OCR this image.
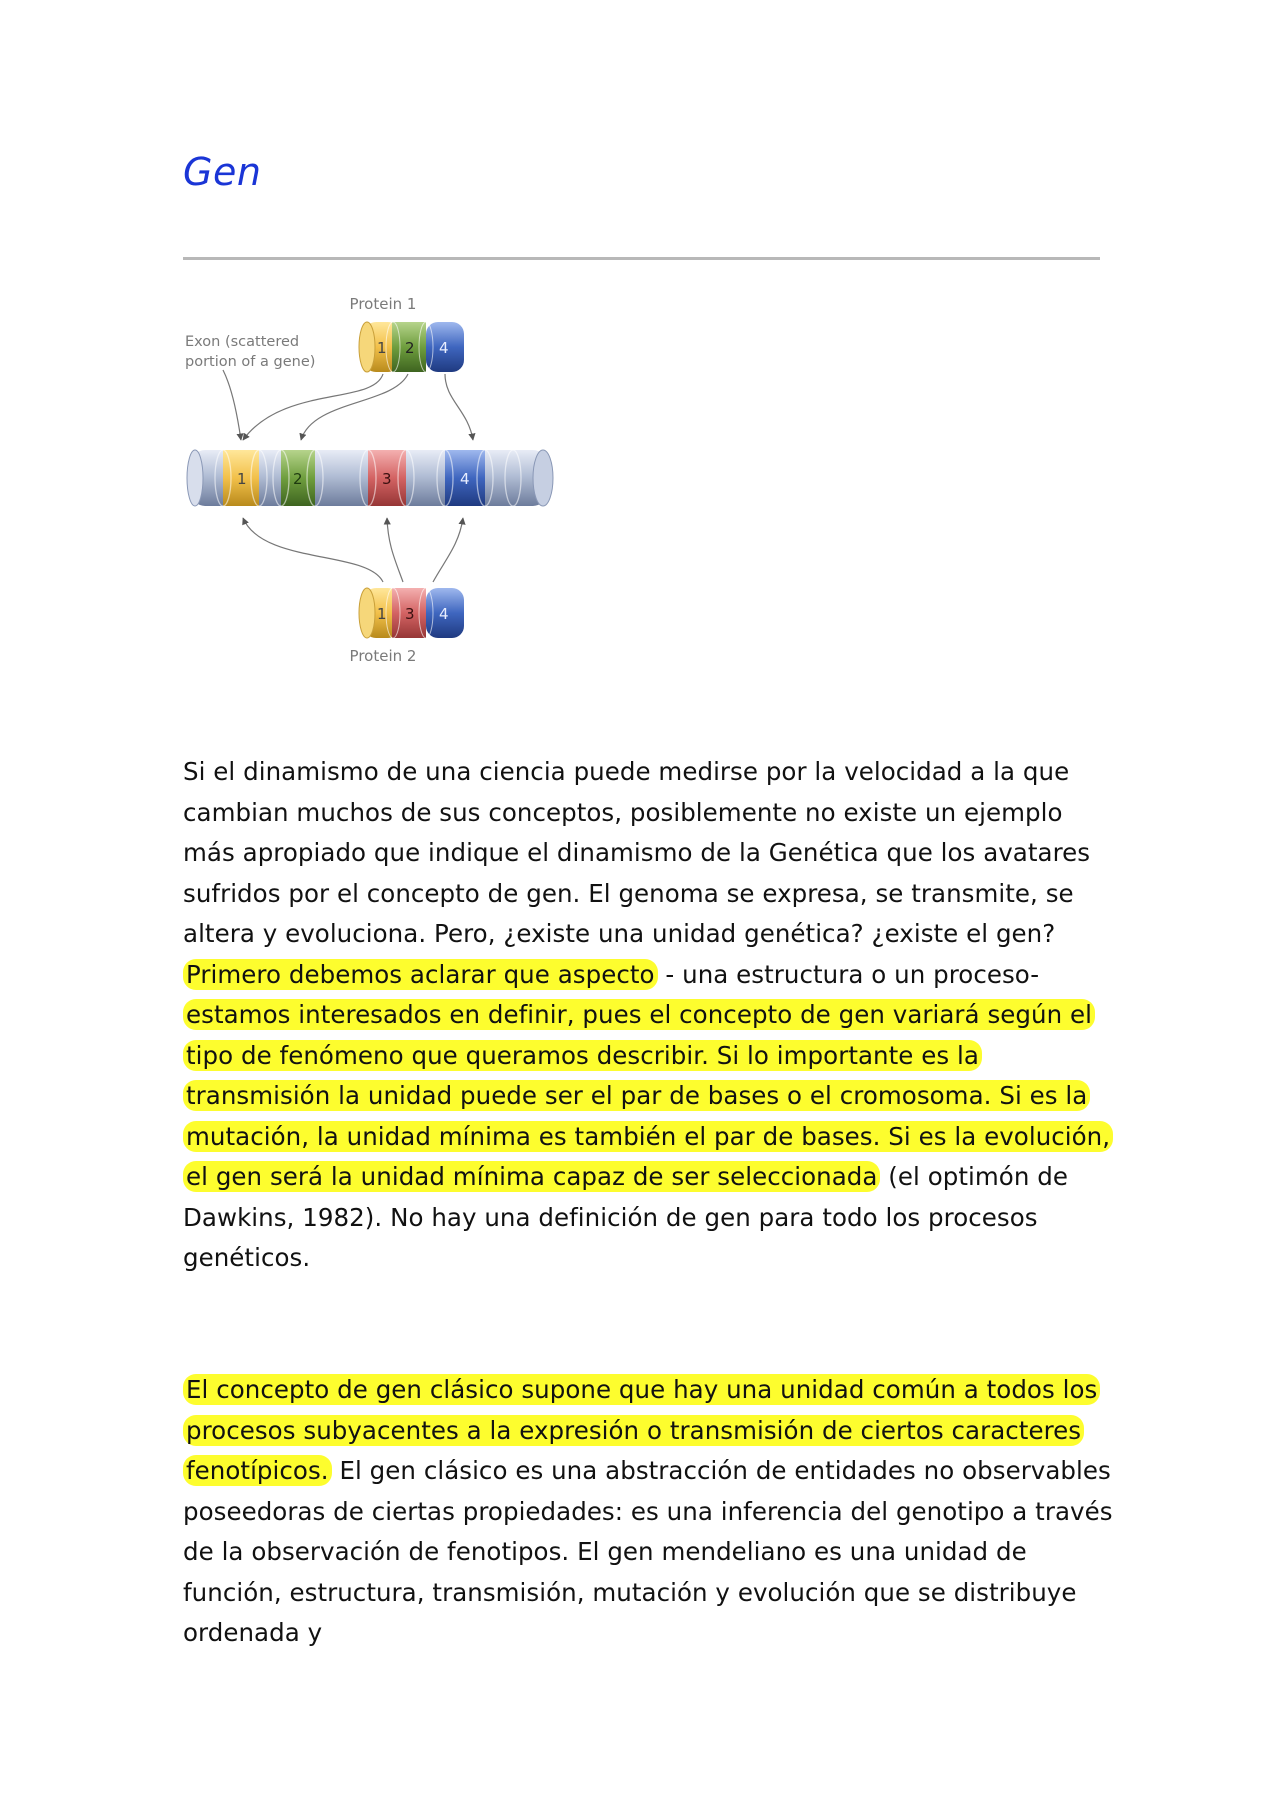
Gen
Protein 1
Exon (scattered
portion of a gene)
Protein 2
1 2 4
1	2	3	4
1 3 4

Si el dinamismo de una ciencia puede medirse por la velocidad a la que cambian muchos de sus conceptos, posiblemente no existe un ejemplo más apropiado que indique el dinamismo de la Genética que los avatares sufridos por el concepto de gen. El genoma se expresa, se transmite, se altera y evoluciona. Pero, ¿existe una unidad genética? ¿existe el gen? Primero debemos aclarar que aspecto - una estructura o un proceso- estamos interesados en definir, pues el concepto de gen variará según el tipo de fenómeno que queramos describir. Si lo importante es la transmisión la unidad puede ser el par de bases o el cromosoma. Si es la mutación, la unidad mínima es también el par de bases. Si es la evolución, el gen será la unidad mínima capaz de ser seleccionada (el optimón de Dawkins, 1982). No hay una definición de gen para todo los procesos genéticos.

El concepto de gen clásico supone que hay una unidad común a todos los procesos subyacentes a la expresión o transmisión de ciertos caracteres fenotípicos. El gen clásico es una abstracción de entidades no observables poseedoras de ciertas propiedades: es una inferencia del genotipo a través de la observación de fenotipos. El gen mendeliano es una unidad de función, estructura, transmisión, mutación y evolución que se distribuye ordenada y
